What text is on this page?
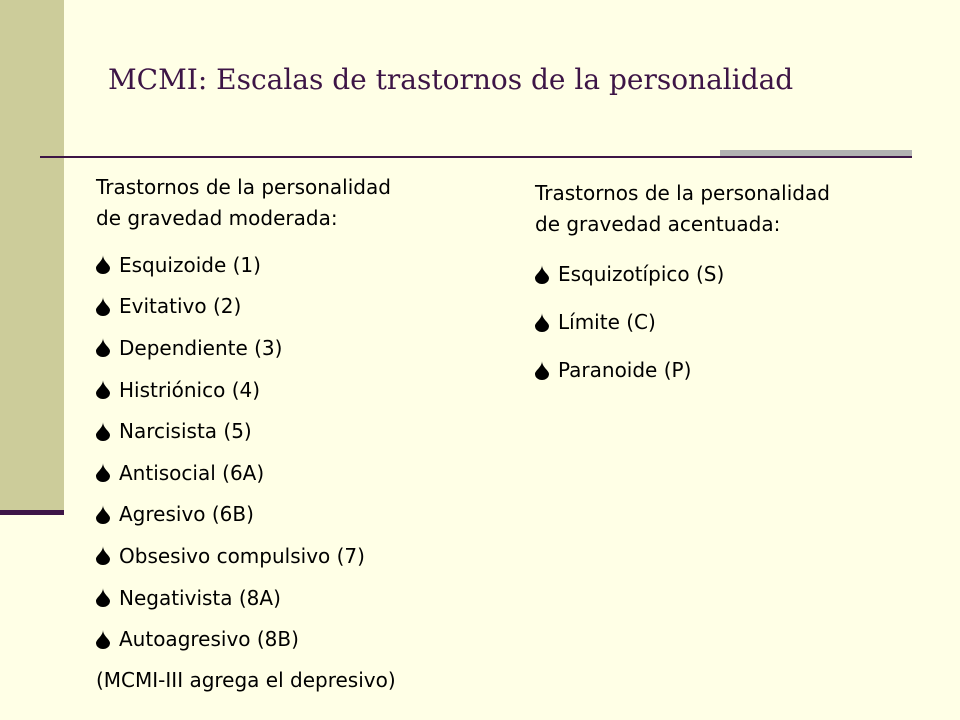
MCMI: Escalas de trastornos de la personalidad
Trastornos de la personalidad
de gravedad moderada:
Esquizoide (1)
Evitativo (2)
Dependiente (3)
Histriónico (4)
Narcisista (5)
Antisocial (6A)
Agresivo (6B)
Obsesivo compulsivo (7)
Negativista (8A)
Autoagresivo (8B)
(MCMI-III agrega el depresivo)
Trastornos de la personalidad
de gravedad acentuada:
Esquizotípico (S)
Límite (C)
Paranoide (P)
